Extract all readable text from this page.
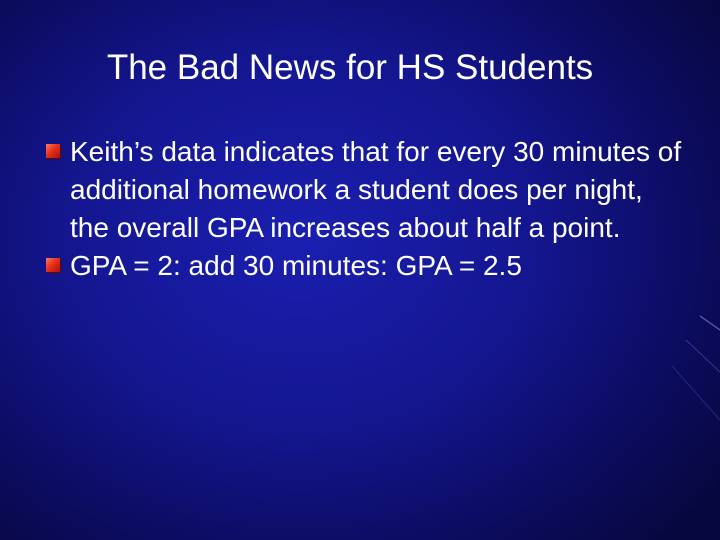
The Bad News for HS Students
Keith’s data indicates that for every 30 minutes of additional homework a student does per night, the overall GPA increases about half a point.
GPA = 2: add 30 minutes: GPA = 2.5
